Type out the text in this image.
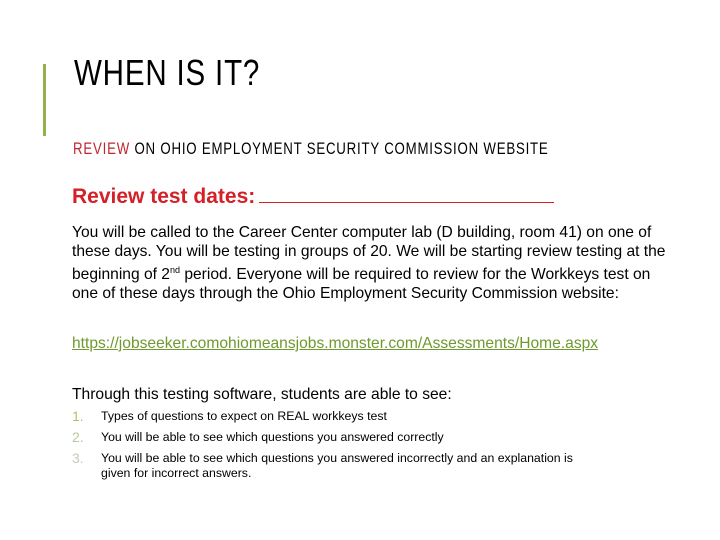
WHEN IS IT?
REVIEW ON OHIO EMPLOYMENT SECURITY COMMISSION WEBSITE
Review test dates:
You will be called to the Career Center computer lab (D building, room 41) on one of these days. You will be testing in groups of 20. We will be starting review testing at the beginning of 2nd period. Everyone will be required to review for the Workkeys test on one of these days through the Ohio Employment Security Commission website:
https://jobseeker.comohiomeansjobs.monster.com/Assessments/Home.aspx
Through this testing software, students are able to see:
1.	Types of questions to expect on REAL workkeys test
2.	You will be able to see which questions you answered correctly
3.	You will be able to see which questions you answered incorrectly and an explanation is given for incorrect answers.
